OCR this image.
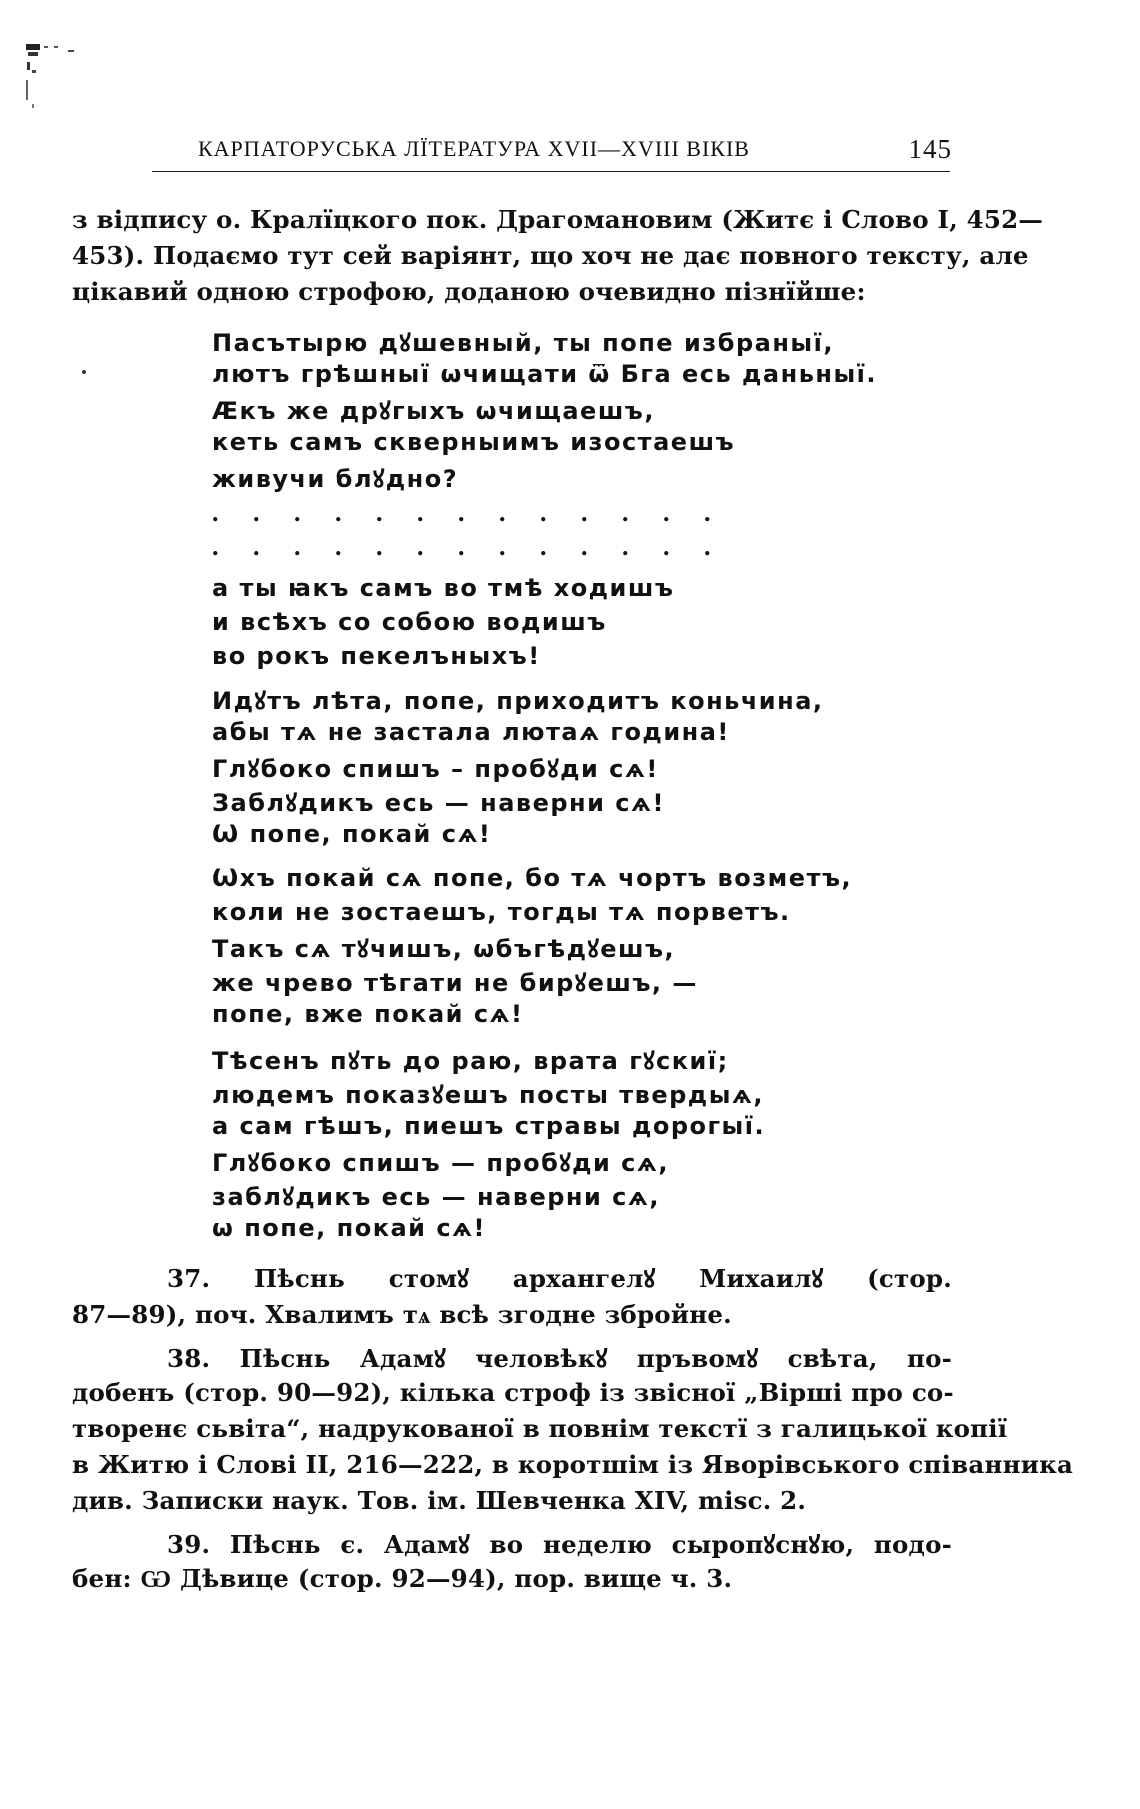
КАРПАТОРУСЬКА ЛЇТЕРАТУРА XVII—XVIII ВІКІВ	145
з відпису о. Кралїцкого пок. Драгомановим (Житє і Слово I, 452—
453). Подаємо тут сей варіянт, що хоч не дає повного тексту, але
цікавий одною строфою, доданою очевидно пізнїйше:
Пасътырю дꙋшевный, ты попе избраныї,
лютъ грѣшныї ѡчищати ѿ Бга есь даньныї.
Ӕкъ же дрꙋгыхъ ѡчищаешъ,
кеть самъ скверныимъ изостаешъ
живучи блꙋдно?
. . . . . . . . . . . . .
. . . . . . . . . . . . .
а ты ꙗкъ самъ во тмѣ ходишъ
и всѣхъ со собою водишъ
во рокъ пекелъныхъ!
Идꙋтъ лѣта, попе, приходитъ коньчина,
абы тѧ не застала лютаѧ година!
Глꙋбоко спишъ – пробꙋди сѧ!
Заблꙋдикъ есь — наверни сѧ!
Ѡ попе, покай сѧ!
Ѡхъ покай сѧ попе, бо тѧ чортъ возметъ,
коли не зостаешъ, тогды тѧ порветъ.
Такъ сѧ тꙋчишъ, ѡбъгѣдꙋешъ,
же чрево тѣгати не бирꙋешъ, —
попе, вже покай сѧ!
Тѣсенъ пꙋть до раю, врата гꙋскиї;
людемъ показꙋешъ посты твердыѧ,
а сам гѣшъ, пиешъ стравы дорогыї.
Глꙋбоко спишъ — пробꙋди сѧ,
заблꙋдикъ есь — наверни сѧ,
ѡ попе, покай сѧ!
37. Пѣснь стомꙋ архангелꙋ Михаилꙋ (стор.
87—89), поч. Хвалимъ тѧ всѣ згодне збройне.
38. Пѣснь Адамꙋ человѣкꙋ пръвомꙋ свѣта, по-
добенъ (стор. 90—92), кілька строф із звісної „Вірші про со-
творенє сьвіта“, надрукованої в повнім текстї з галицької копії
в Житю і Слові II, 216—222, в коротшім із Яворівського співанника
див. Записки наук. Тов. ім. Шевченка XIV, misc. 2.
39. Пѣснь є. Адамꙋ во неделю сыропꙋснꙋю, подо-
бен: Ѡ Дѣвице (стор. 92—94), пор. вище ч. 3.
